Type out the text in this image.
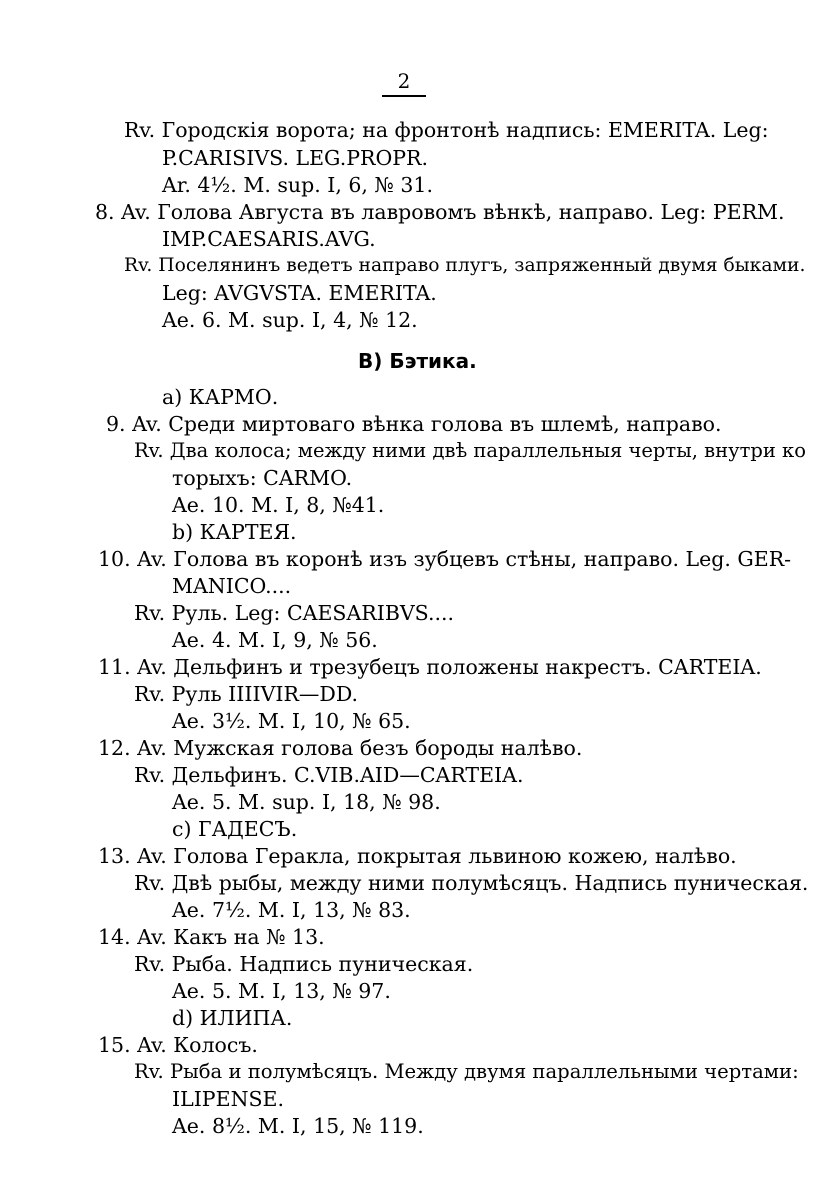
2
Rv. Городскія ворота; на фронтонѣ надпись: EMERITA. Leg:
P.CARISIVS. LEG.PROPR.
Ar. 4½. M. sup. I, 6, № 31.
8. Av. Голова Августа въ лавровомъ вѣнкѣ, направо. Leg: PERM.
IMP.CAESARIS.AVG.
Rv. Поселянинъ ведетъ направо плугъ, запряженный двумя быками.
Leg: AVGVSTA. EMERITA.
Ae. 6. M. sup. I, 4, № 12.
B) Бэтика.
a) КАРМО.
9. Av. Среди миртоваго вѣнка голова въ шлемѣ, направо.
Rv. Два колоса; между ними двѣ параллельныя черты, внутри ко
торыхъ: CARMO.
Ae. 10. M. I, 8, №41.
b) КАРТЕЯ.
10. Av. Голова въ коронѣ изъ зубцевъ стѣны, направо. Leg. GER-
MANICO....
Rv. Руль. Leg: CAESARIBVS....
Ae. 4. M. I, 9, № 56.
11. Av. Дельфинъ и трезубецъ положены накрестъ. CARTEIA.
Rv. Руль IIIIVIR—DD.
Ae. 3½. M. I, 10, № 65.
12. Av. Мужская голова безъ бороды налѣво.
Rv. Дельфинъ. C.VIB.AID—CARTEIA.
Ae. 5. M. sup. I, 18, № 98.
c) ГАДЕСЪ.
13. Av. Голова Геракла, покрытая львиною кожею, налѣво.
Rv. Двѣ рыбы, между ними полумѣсяцъ. Надпись пуническая.
Ae. 7½. M. I, 13, № 83.
14. Av. Какъ на № 13.
Rv. Рыба. Надпись пуническая.
Ae. 5. M. I, 13, № 97.
d) ИЛИПА.
15. Av. Колосъ.
Rv. Рыба и полумѣсяцъ. Между двумя параллельными чертами:
ILIPENSE.
Ae. 8½. M. I, 15, № 119.
